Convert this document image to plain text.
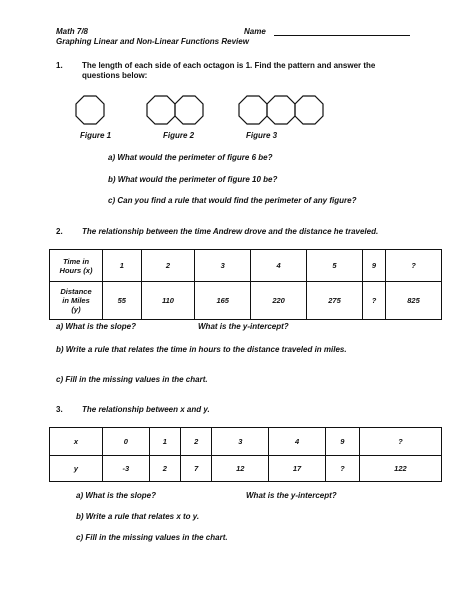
Math 7/8	Name
Graphing Linear and Non-Linear Functions Review
1. The length of each side of each octagon is 1. Find the pattern and answer the
questions below:
Figure 1	Figure 2	Figure 3
a) What would the perimeter of figure 6 be?
b) What would the perimeter of figure 10 be?
c) Can you find a rule that would find the perimeter of any figure?
2. The relationship between the time Andrew drove and the distance he traveled.
Time in
Hours (x)	1	2	3	4	5	9	?

Distance
in Miles
(y)	55	110	165	220	275	?	825
a) What is the slope?	What is the y-intercept?
b) Write a rule that relates the time in hours to the distance traveled in miles.
c) Fill in the missing values in the chart.
3. The relationship between x and y.
x	0	1	2	3	4	9	?
y	-3	2	7	12	17	?	122
a) What is the slope?	What is the y-intercept?
b) Write a rule that relates x to y.
c) Fill in the missing values in the chart.
